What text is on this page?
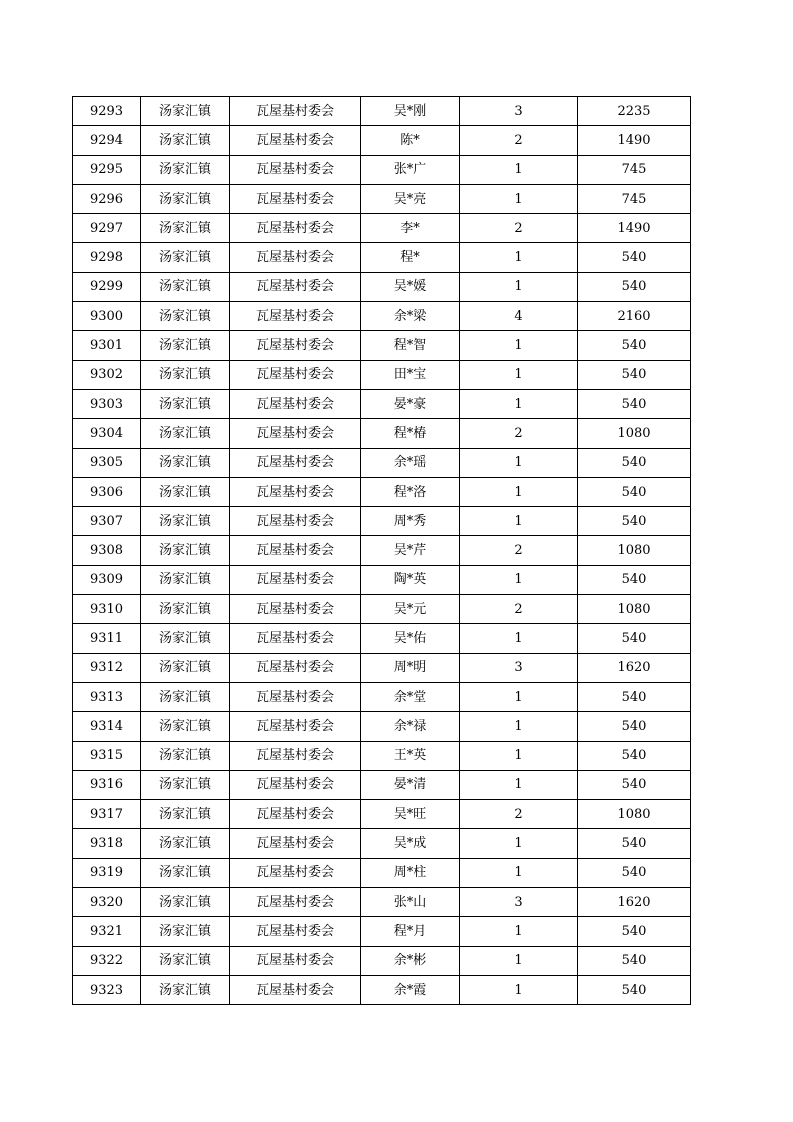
9293	汤家汇镇	瓦屋基村委会	吴*刚	3	2235
9294	汤家汇镇	瓦屋基村委会	陈*	2	1490
9295	汤家汇镇	瓦屋基村委会	张*广	1	745
9296	汤家汇镇	瓦屋基村委会	吴*亮	1	745
9297	汤家汇镇	瓦屋基村委会	李*	2	1490
9298	汤家汇镇	瓦屋基村委会	程*	1	540
9299	汤家汇镇	瓦屋基村委会	吴*媛	1	540
9300	汤家汇镇	瓦屋基村委会	余*梁	4	2160
9301	汤家汇镇	瓦屋基村委会	程*智	1	540
9302	汤家汇镇	瓦屋基村委会	田*宝	1	540
9303	汤家汇镇	瓦屋基村委会	晏*豪	1	540
9304	汤家汇镇	瓦屋基村委会	程*椿	2	1080
9305	汤家汇镇	瓦屋基村委会	余*瑶	1	540
9306	汤家汇镇	瓦屋基村委会	程*洛	1	540
9307	汤家汇镇	瓦屋基村委会	周*秀	1	540
9308	汤家汇镇	瓦屋基村委会	吴*芹	2	1080
9309	汤家汇镇	瓦屋基村委会	陶*英	1	540
9310	汤家汇镇	瓦屋基村委会	吴*元	2	1080
9311	汤家汇镇	瓦屋基村委会	吴*佑	1	540
9312	汤家汇镇	瓦屋基村委会	周*明	3	1620
9313	汤家汇镇	瓦屋基村委会	余*堂	1	540
9314	汤家汇镇	瓦屋基村委会	余*禄	1	540
9315	汤家汇镇	瓦屋基村委会	王*英	1	540
9316	汤家汇镇	瓦屋基村委会	晏*清	1	540
9317	汤家汇镇	瓦屋基村委会	吴*旺	2	1080
9318	汤家汇镇	瓦屋基村委会	吴*成	1	540
9319	汤家汇镇	瓦屋基村委会	周*柱	1	540
9320	汤家汇镇	瓦屋基村委会	张*山	3	1620
9321	汤家汇镇	瓦屋基村委会	程*月	1	540
9322	汤家汇镇	瓦屋基村委会	余*彬	1	540
9323	汤家汇镇	瓦屋基村委会	余*霞	1	540
